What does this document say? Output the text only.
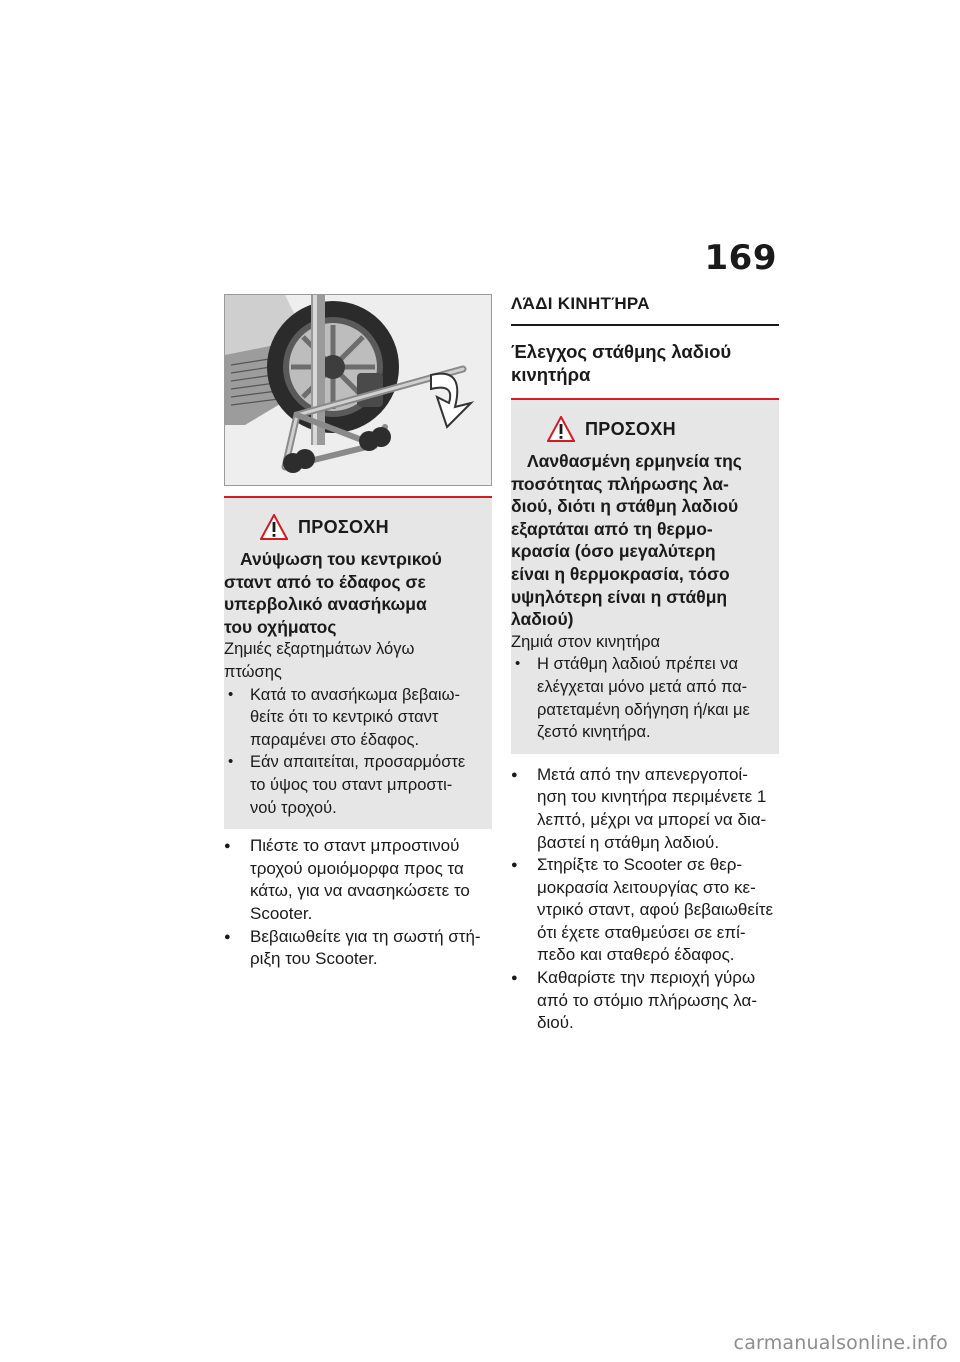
169
ΠΡΟΣΟΧΗ
Ανύψωση του κεντρικού
σταντ από το έδαφος σε
υπερβολικό ανασήκωμα
του οχήματος
Ζημιές εξαρτημάτων λόγω
πτώσης
• Κατά το ανασήκωμα βεβαιω-
θείτε ότι το κεντρικό σταντ
παραμένει στο έδαφος.
• Εάν απαιτείται, προσαρμόστε
το ύψος του σταντ μπροστι-
νού τροχού.
● Πιέστε το σταντ μπροστινού
τροχού ομοιόμορφα προς τα
κάτω, για να ανασηκώσετε το
Scooter.
● Βεβαιωθείτε για τη σωστή στή-
ριξη του Scooter.
ΛΆΔΙ ΚΙΝΗΤΉΡΑ
Έλεγχος στάθμης λαδιού
κινητήρα
ΠΡΟΣΟΧΗ
Λανθασμένη ερμηνεία της
ποσότητας πλήρωσης λα-
διού, διότι η στάθμη λαδιού
εξαρτάται από τη θερμο-
κρασία (όσο μεγαλύτερη
είναι η θερμοκρασία, τόσο
υψηλότερη είναι η στάθμη
λαδιού)
Ζημιά στον κινητήρα
• Η στάθμη λαδιού πρέπει να
ελέγχεται μόνο μετά από πα-
ρατεταμένη οδήγηση ή/και με
ζεστό κινητήρα.
● Μετά από την απενεργοποί-
ηση του κινητήρα περιμένετε 1
λεπτό, μέχρι να μπορεί να δια-
βαστεί η στάθμη λαδιού.
● Στηρίξτε το Scooter σε θερ-
μοκρασία λειτουργίας στο κε-
ντρικό σταντ, αφού βεβαιωθείτε
ότι έχετε σταθμεύσει σε επί-
πεδο και σταθερό έδαφος.
● Καθαρίστε την περιοχή γύρω
από το στόμιο πλήρωσης λα-
διού.
carmanualsonline.info
